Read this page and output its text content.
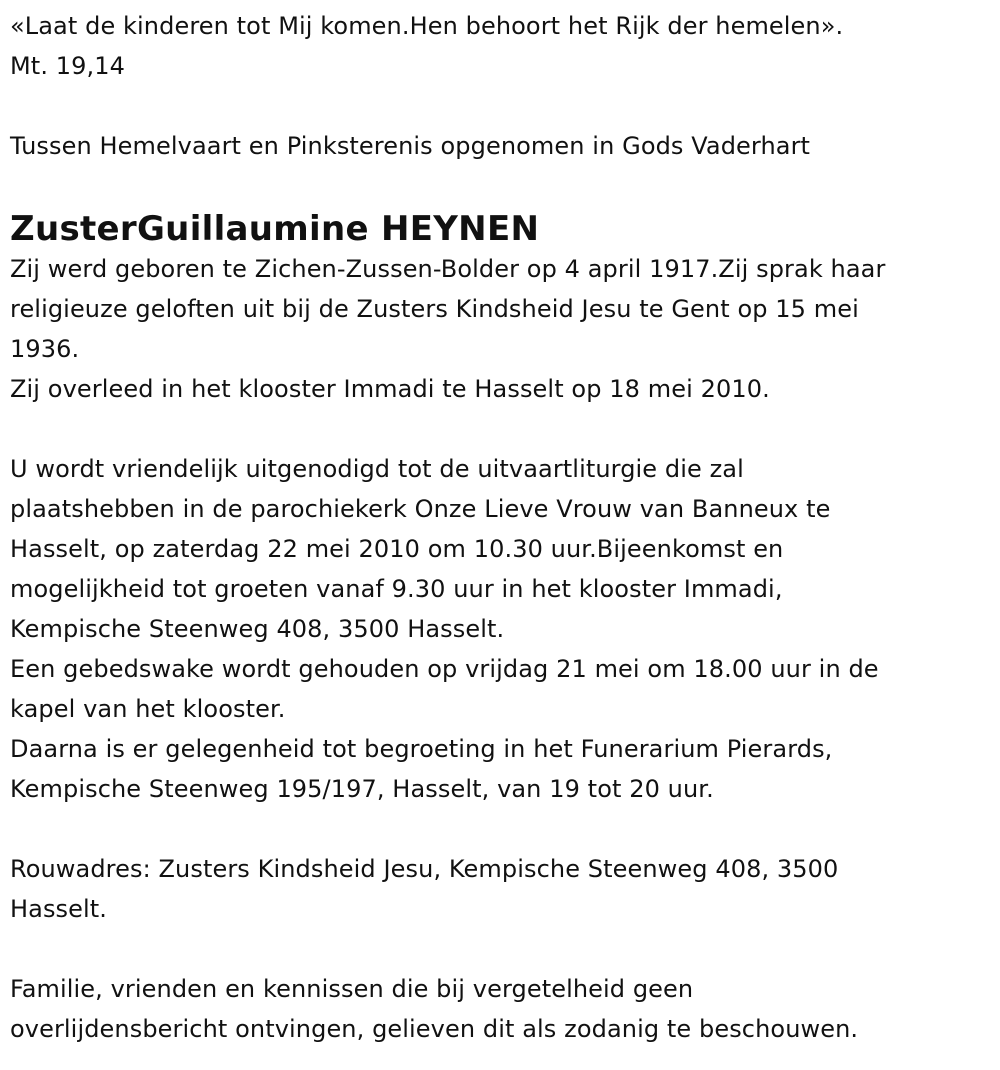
«Laat de kinderen tot Mij komen.Hen behoort het Rijk der hemelen».
Mt. 19,14

Tussen Hemelvaart en Pinksterenis opgenomen in Gods Vaderhart

ZusterGuillaumine HEYNEN

Zij werd geboren te Zichen-Zussen-Bolder op 4 april 1917.Zij sprak haar
religieuze geloften uit bij de Zusters Kindsheid Jesu te Gent op 15 mei
1936.
Zij overleed in het klooster Immadi te Hasselt op 18 mei 2010.

U wordt vriendelijk uitgenodigd tot de uitvaartliturgie die zal
plaatshebben in de parochiekerk Onze Lieve Vrouw van Banneux te
Hasselt, op zaterdag 22 mei 2010 om 10.30 uur.Bijeenkomst en
mogelijkheid tot groeten vanaf 9.30 uur in het klooster Immadi,
Kempische Steenweg 408, 3500 Hasselt.
Een gebedswake wordt gehouden op vrijdag 21 mei om 18.00 uur in de
kapel van het klooster.
Daarna is er gelegenheid tot begroeting in het Funerarium Pierards,
Kempische Steenweg 195/197, Hasselt, van 19 tot 20 uur.

Rouwadres: Zusters Kindsheid Jesu, Kempische Steenweg 408, 3500
Hasselt.

Familie, vrienden en kennissen die bij vergetelheid geen
overlijdensbericht ontvingen, gelieven dit als zodanig te beschouwen.
